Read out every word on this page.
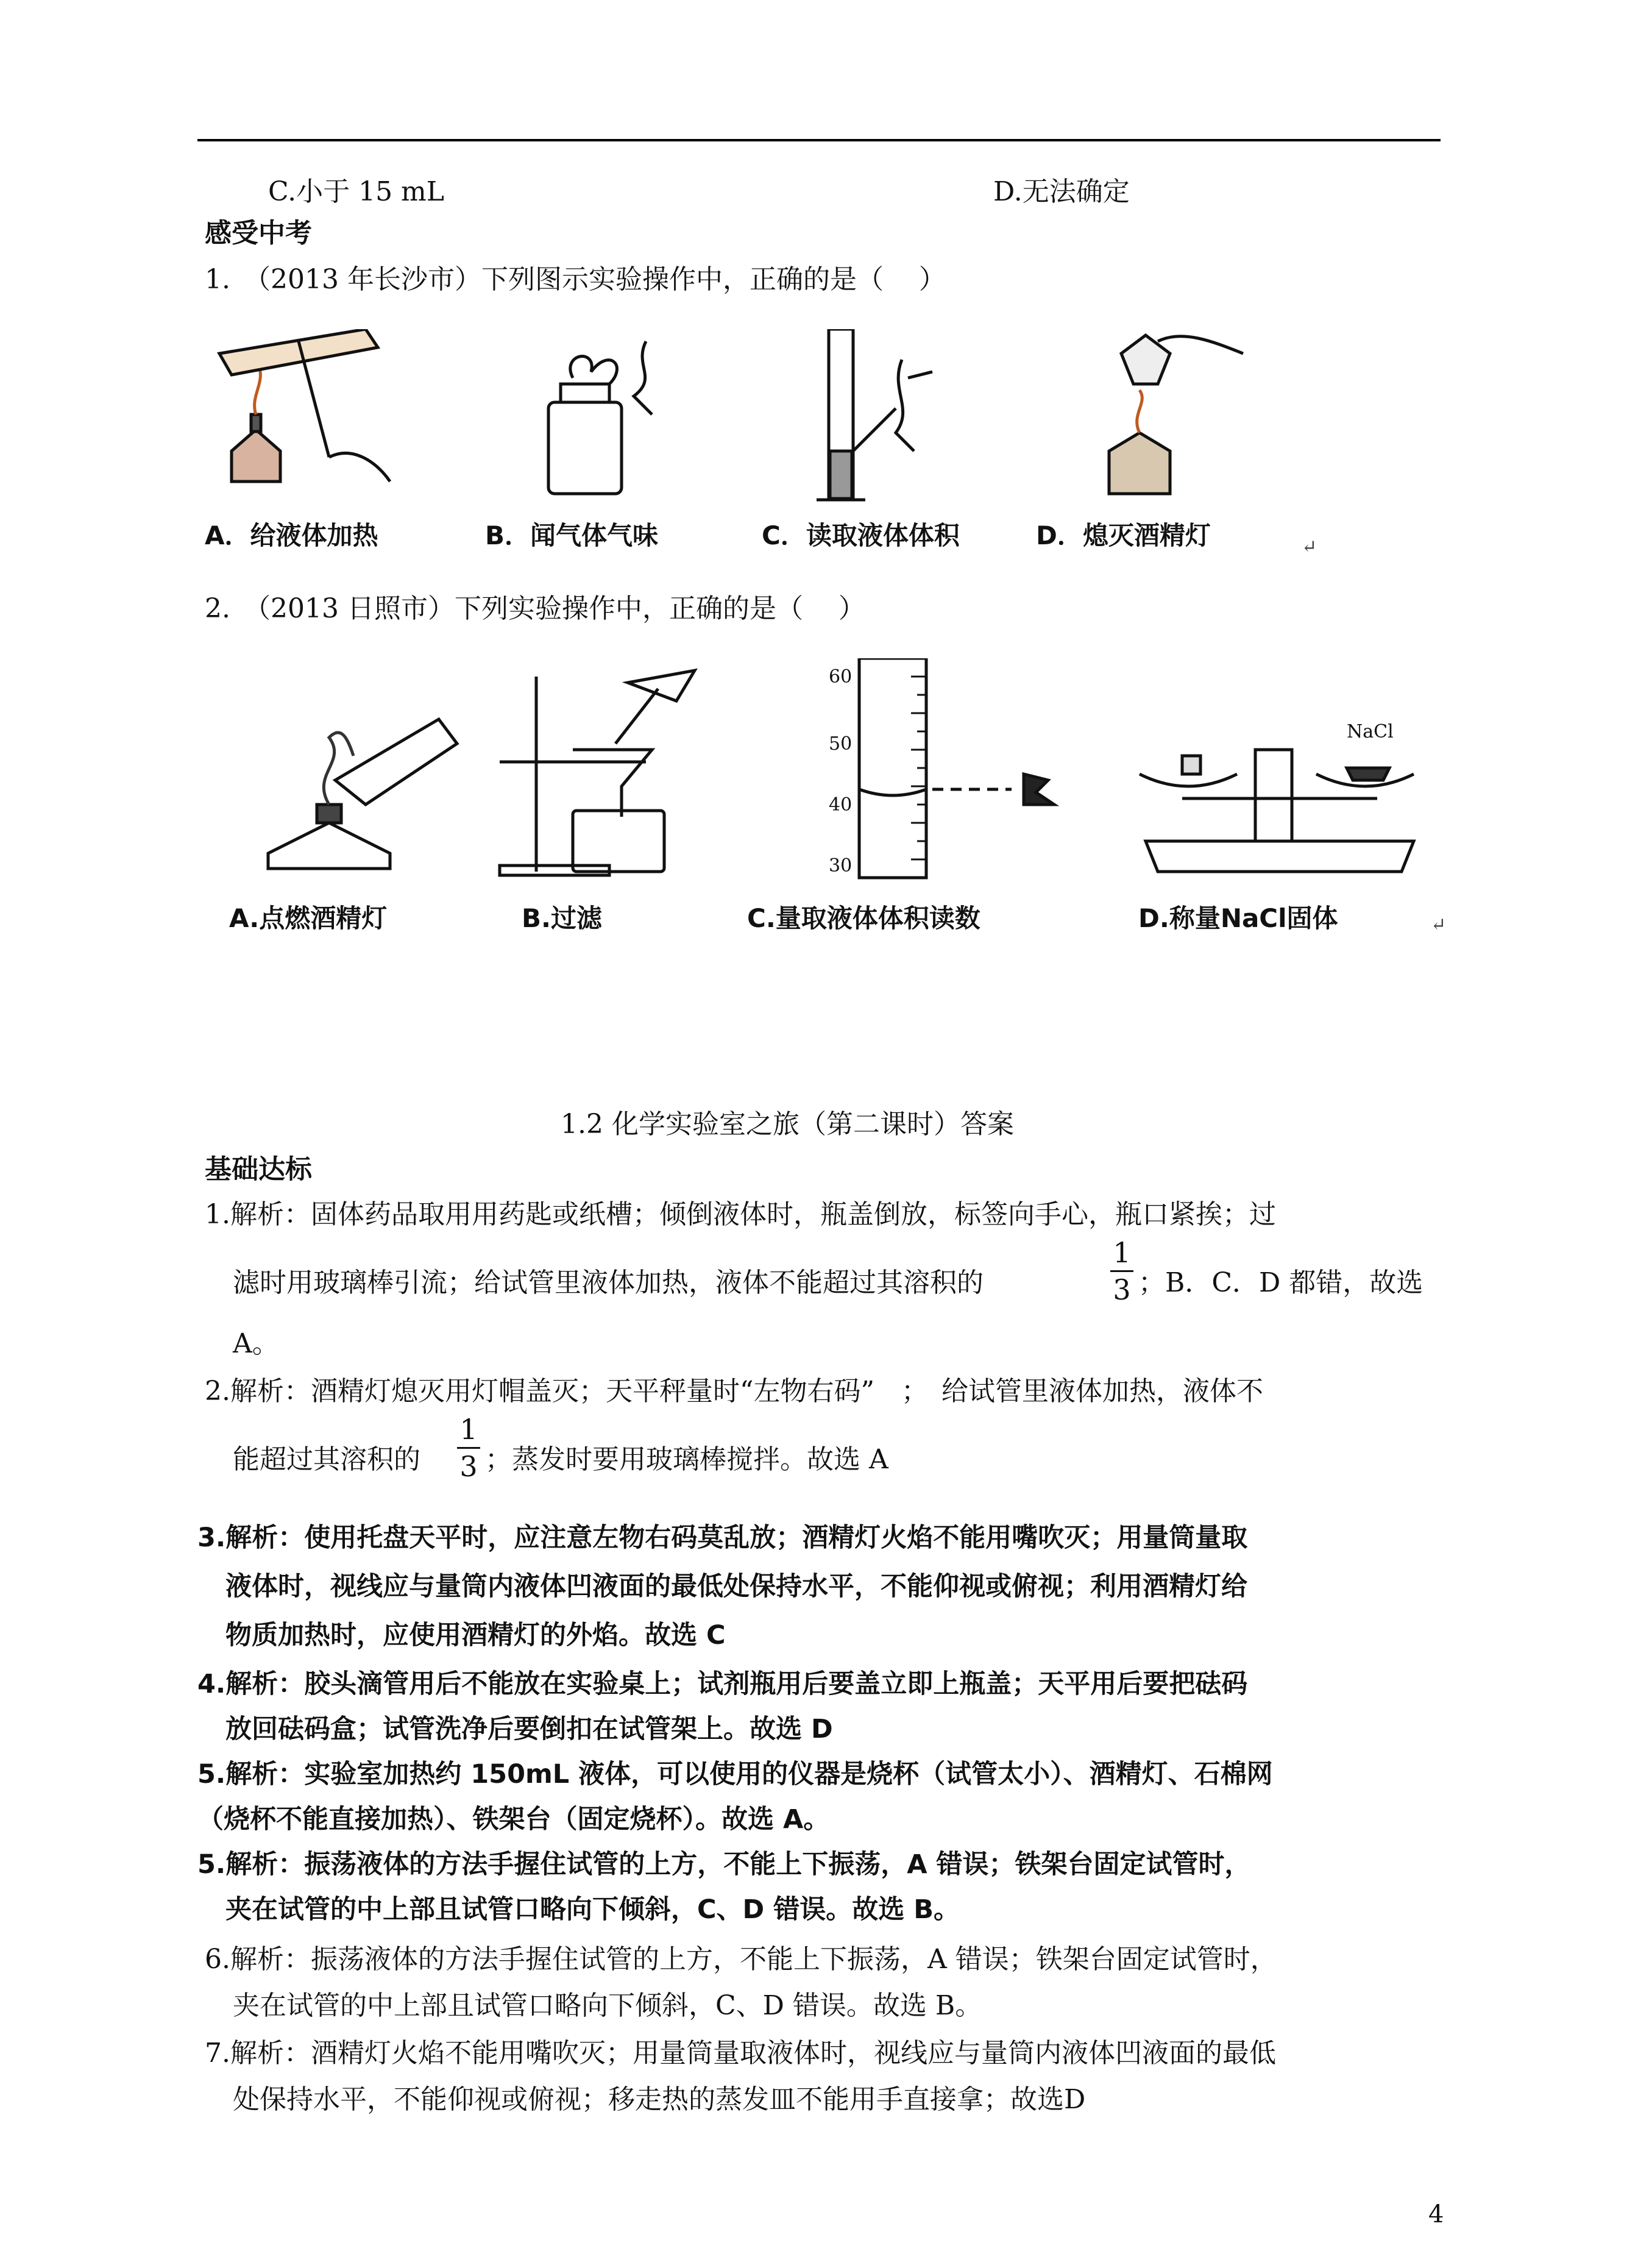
C.小于 15 mL	D.无法确定
感受中考
1.　（2013 年长沙市）下列图示实验操作中，正确的是（　 ）
A．给液体加热	B．闻气体气味	C．读取液体体积	D．熄灭酒精灯	↵
2.　（2013 日照市）下列实验操作中，正确的是（　 ）
60
50
40
30
NaCl
A.点燃酒精灯	B.过滤	C.量取液体体积读数	D.称量NaCl固体	↵
1.2 化学实验室之旅（第二课时）答案
基础达标
1.解析：固体药品取用用药匙或纸槽；倾倒液体时，瓶盖倒放，标签向手心，瓶口紧挨；过
滤时用玻璃棒引流；给试管里液体加热，液体不能超过其溶积的
1
3 ；B．C．D 都错，故选
A。
2.解析：酒精灯熄灭用灯帽盖灭；天平秤量时“左物右码”　；　给试管里液体加热，液体不
能超过其溶积的
1
3 ；蒸发时要用玻璃棒搅拌。故选 A
3.解析：使用托盘天平时，应注意左物右码莫乱放；酒精灯火焰不能用嘴吹灭；用量筒量取
液体时，视线应与量筒内液体凹液面的最低处保持水平，不能仰视或俯视；利用酒精灯给
物质加热时，应使用酒精灯的外焰。故选 C
4.解析：胶头滴管用后不能放在实验桌上；试剂瓶用后要盖立即上瓶盖；天平用后要把砝码
放回砝码盒；试管洗净后要倒扣在试管架上。故选 D
5.解析：实验室加热约 150mL 液体，可以使用的仪器是烧杯（试管太小）、酒精灯、石棉网
（烧杯不能直接加热）、铁架台（固定烧杯）。故选 A。
5.解析：振荡液体的方法手握住试管的上方，不能上下振荡，A 错误；铁架台固定试管时，
夹在试管的中上部且试管口略向下倾斜，C、D 错误。故选 B。
6.解析：振荡液体的方法手握住试管的上方，不能上下振荡，A 错误；铁架台固定试管时，
夹在试管的中上部且试管口略向下倾斜，C、D 错误。故选 B。
7.解析：酒精灯火焰不能用嘴吹灭；用量筒量取液体时，视线应与量筒内液体凹液面的最低
处保持水平，不能仰视或俯视；移走热的蒸发皿不能用手直接拿；故选D
4
